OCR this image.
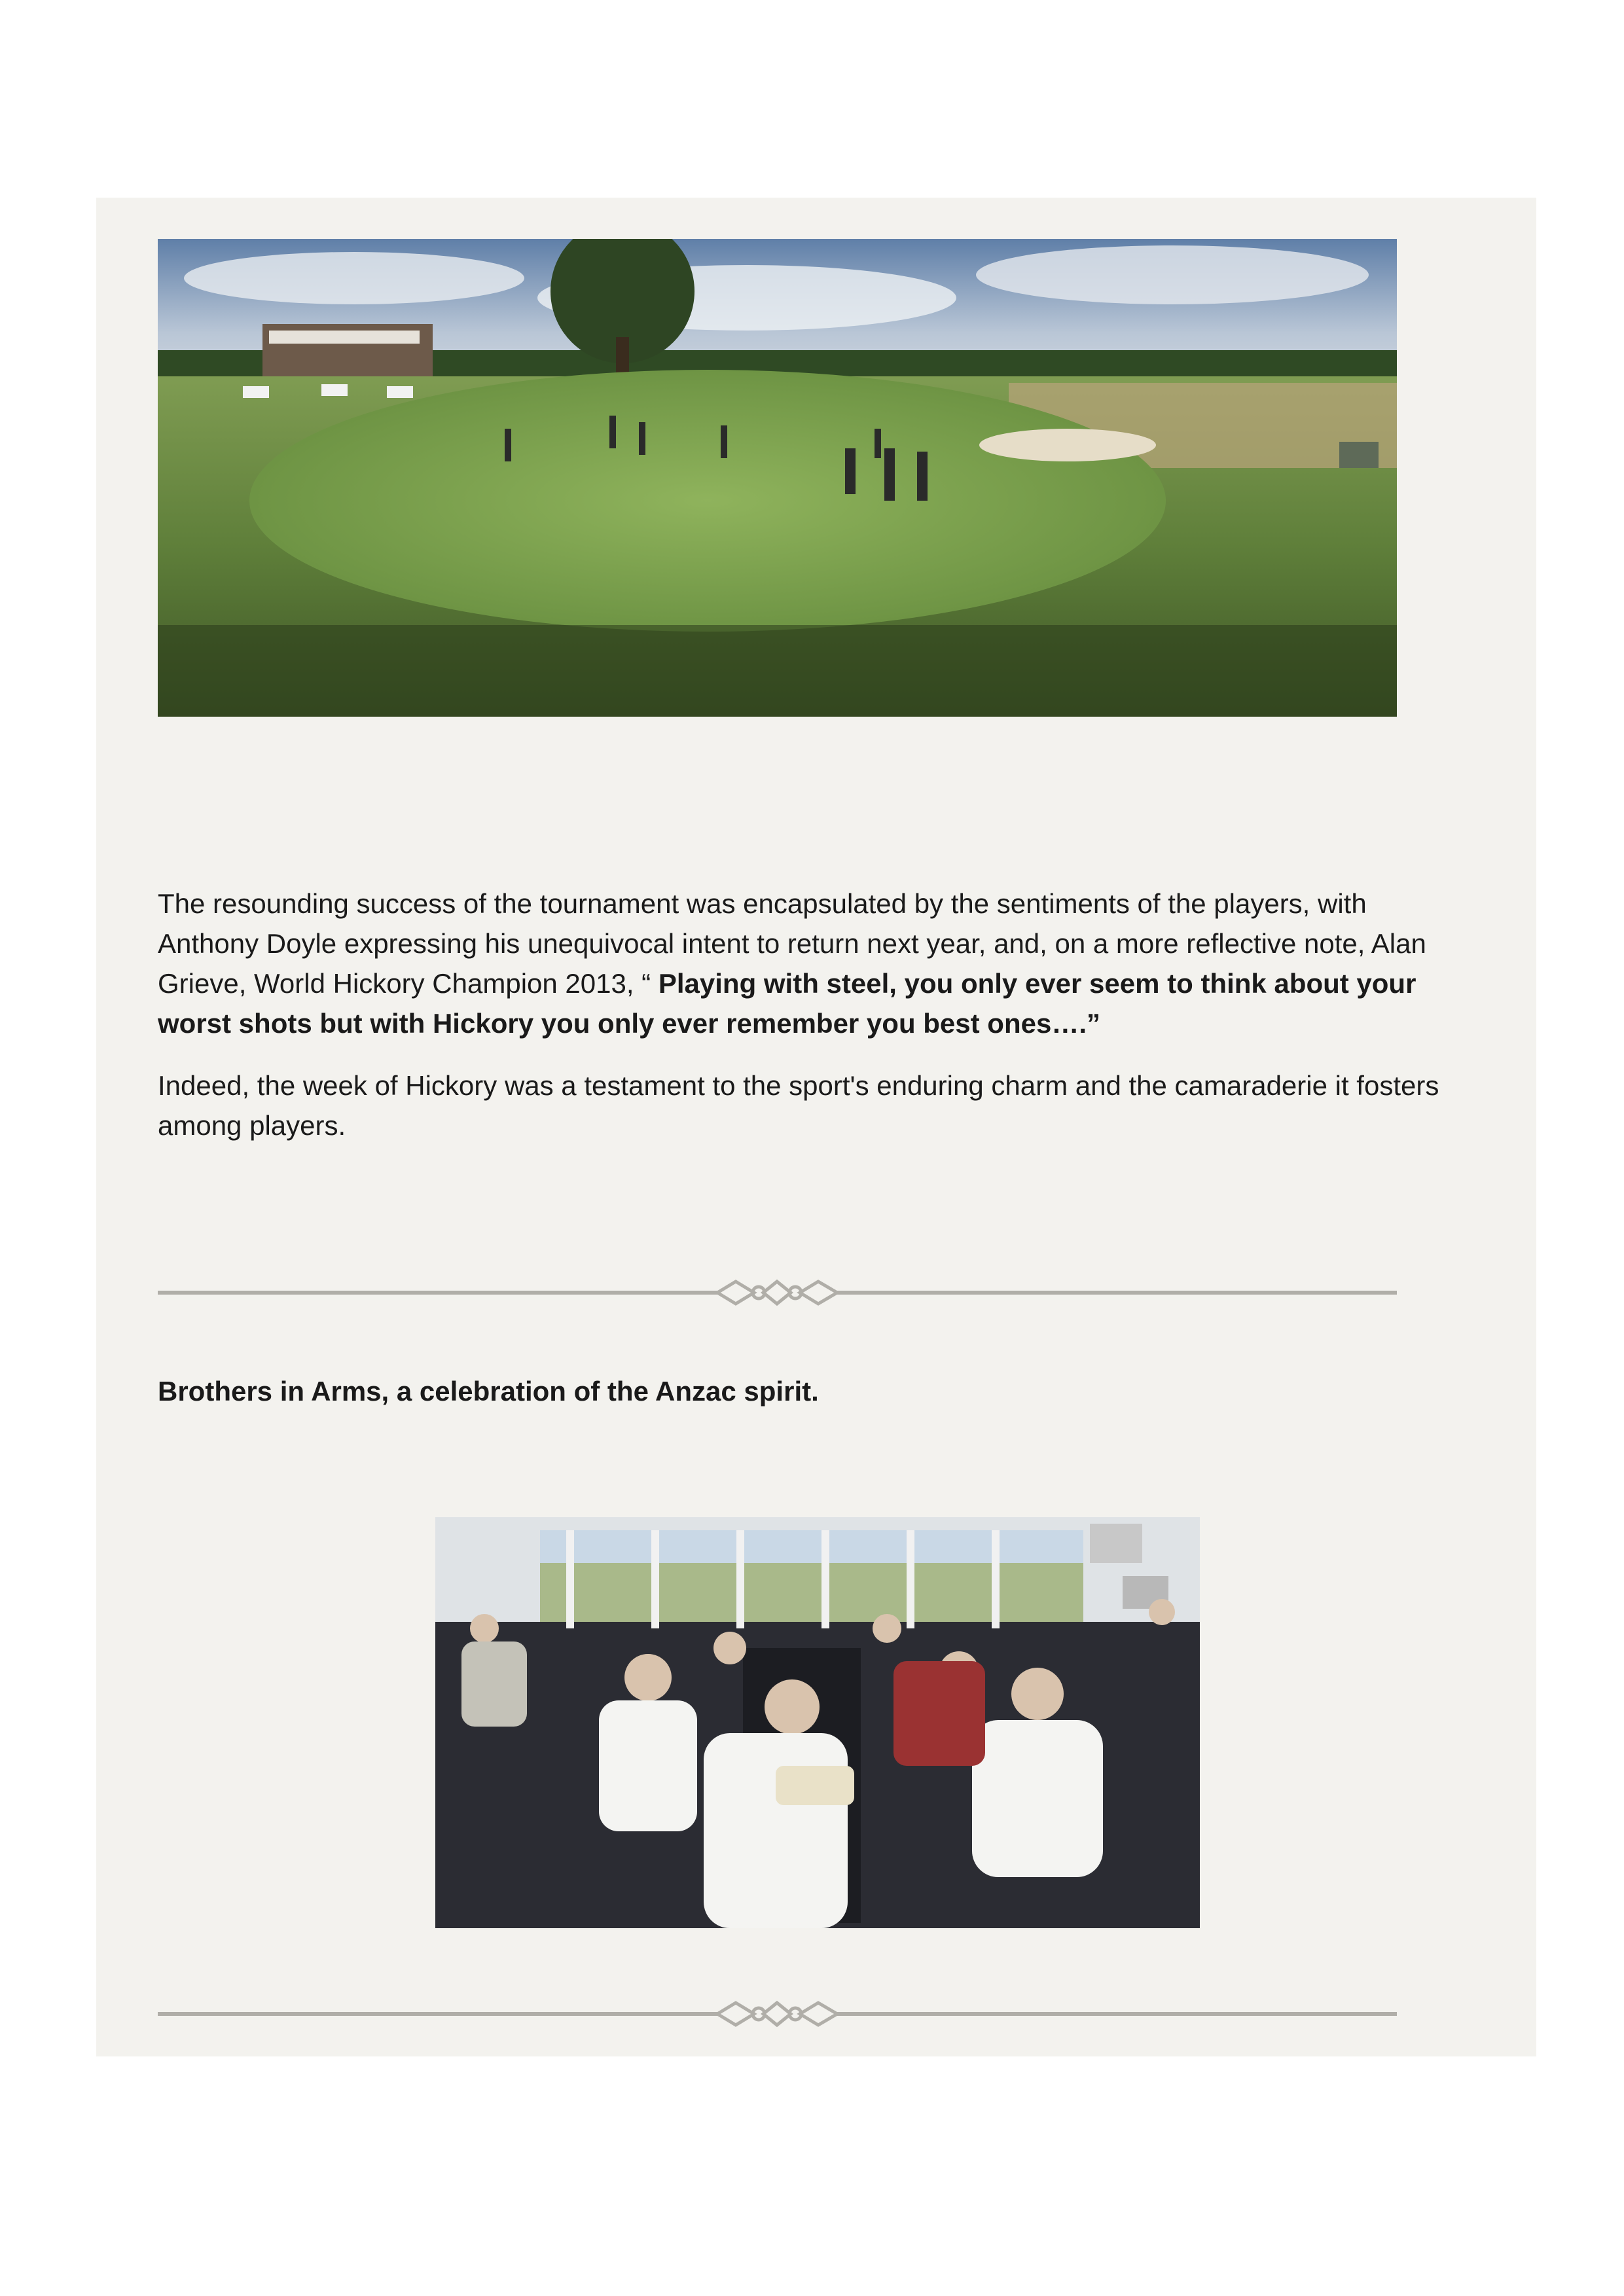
The resounding success of the tournament was encapsulated by the sentiments of the players, with Anthony Doyle expressing his unequivocal intent to return next year, and, on a more reflective note, Alan Grieve, World Hickory Champion 2013, “ Playing with steel, you only ever seem to think about your worst shots but with Hickory you only ever remember you best ones….”

Indeed, the week of Hickory was a testament to the sport's enduring charm and the camaraderie it fosters among players.

Brothers in Arms, a celebration of the Anzac spirit.
